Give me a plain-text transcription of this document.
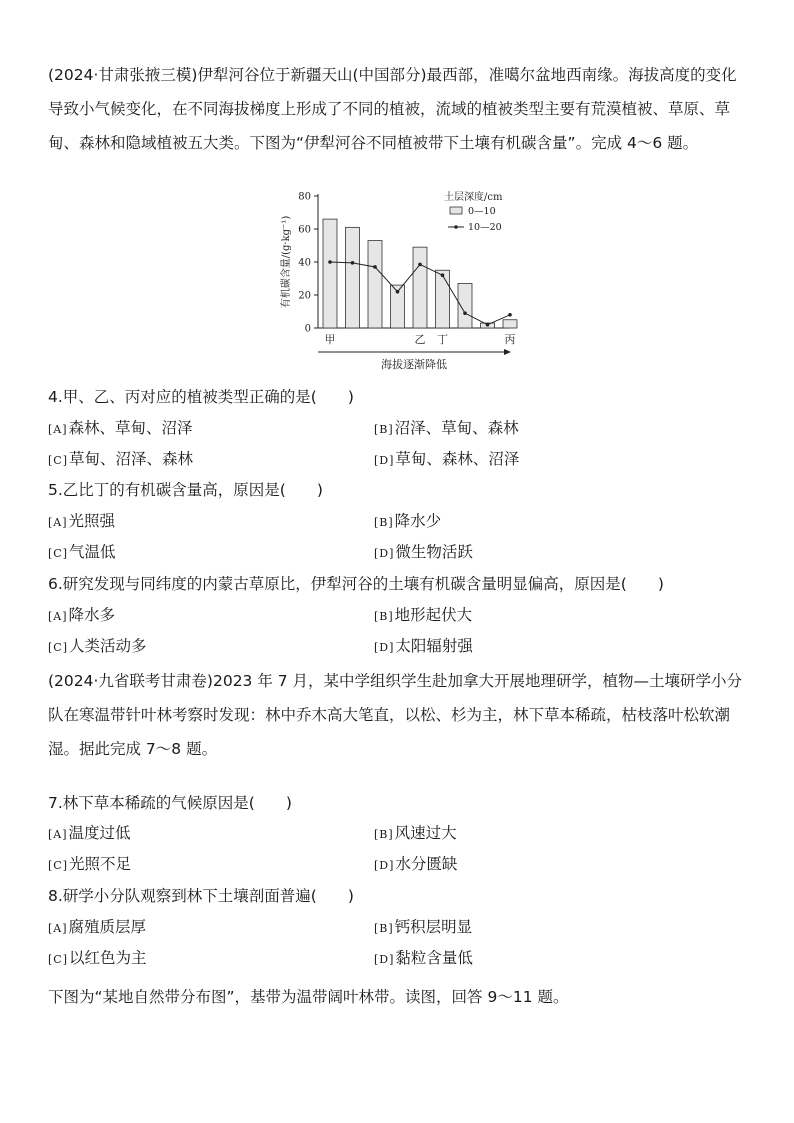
(2024·甘肃张掖三模)伊犁河谷位于新疆天山(中国部分)最西部，准噶尔盆地西南缘。海拔高度的变化导致小气候变化，在不同海拔梯度上形成了不同的植被，流域的植被类型主要有荒漠植被、草原、草甸、森林和隐域植被五大类。下图为“伊犁河谷不同植被带下土壤有机碳含量”。完成 4～6 题。
0
20
40
60
80
有机碳含量/(g·kg⁻¹)
甲	乙 丁	丙
海拔逐渐降低
土层深度/cm
0—10
10—20
4.甲、乙、丙对应的植被类型正确的是(　　)
[A]森林、草甸、沼泽	[B]沼泽、草甸、森林
[C]草甸、沼泽、森林	[D]草甸、森林、沼泽
5.乙比丁的有机碳含量高，原因是(　　)
[A]光照强	[B]降水少
[C]气温低	[D]微生物活跃
6.研究发现与同纬度的内蒙古草原比，伊犁河谷的土壤有机碳含量明显偏高，原因是(　　)
[A]降水多	[B]地形起伏大
[C]人类活动多	[D]太阳辐射强
(2024·九省联考甘肃卷)2023 年 7 月，某中学组织学生赴加拿大开展地理研学，植物—土壤研学小分队在寒温带针叶林考察时发现：林中乔木高大笔直，以松、杉为主，林下草本稀疏，枯枝落叶松软潮湿。据此完成 7～8 题。
7.林下草本稀疏的气候原因是(　　)
[A]温度过低	[B]风速过大
[C]光照不足	[D]水分匮缺
8.研学小分队观察到林下土壤剖面普遍(　　)
[A]腐殖质层厚	[B]钙积层明显
[C]以红色为主	[D]黏粒含量低
下图为“某地自然带分布图”，基带为温带阔叶林带。读图，回答 9～11 题。
